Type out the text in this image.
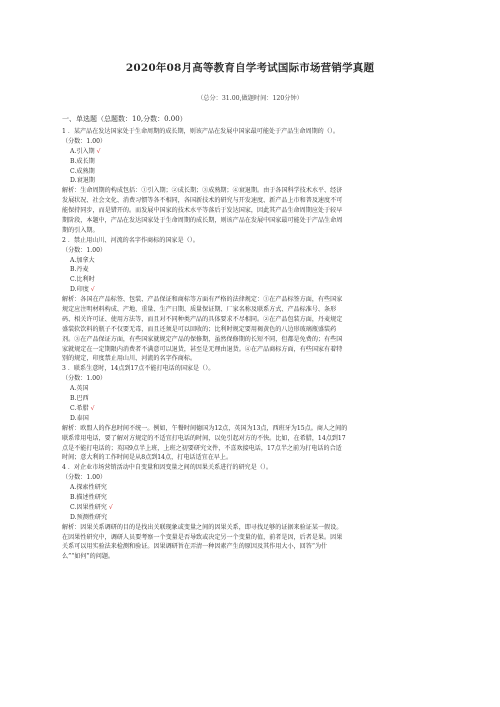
2020年08月高等教育自学考试国际市场营销学真题
（总分：31.00,做题时间：120分钟）
一、单选题（总题数：10,分数：0.00）
1 ．某产品在发达国家处于生命周期的成长期，则该产品在发展中国家最可能处于产品生命周期的（）。
（分数：1.00）
A.引入期 √
B.成长期
C.成熟期
D.衰退期
解析：生命周期的构成包括：①引入期；②成长期；③成熟期；④衰退期。由于各国科学技术水平、经济
发展状况、社会文化、消费习惯等各不相同，各国新技术的研究与开发速度、新产品上市和普及速度不可
能保持同步，而是错开的。而发展中国家的技术水平等落后于发达国家，因此其产品生命周期应处于较早
期阶段，本题中，产品在发达国家处于生命周期的成长期，则该产品在发展中国家最可能处于产品生命周
期的引入期。
2 ．禁止用山川、河流的名字作商标的国家是（）。
（分数：1.00）
A.加拿大
B.丹麦
C.比利时
D.印度 √
解析：各国在产品标签、包装、产品保证和商标等方面有严格的法律规定：①在产品标签方面，有些国家
规定应注明材料构成、产地、重量、生产日期、质量保证期、厂家名称及联系方式、产品标准号、条形
码、相关许可证、使用方法等，而且对不同种类产品的具体要求不尽相同。②在产品包装方面，丹麦规定
盛装软饮料的瓶子不仅要无毒，而且还须是可以回收的；比利时规定要用褐黄色的八边形玻璃瓶盛装药
剂。③在产品保证方面，有些国家就规定产品的保修期，虽然保修期的长短不同，但都是免费的；有些国
家就规定在一定期限内消费者不满意可以退货，甚至是无理由退货。④在产品商标方面，有些国家有着特
别的规定，印度禁止用山川、河流的名字作商标。
3 ．联系生意时，14点到17点不能打电话的国家是（）。
（分数：1.00）
A.英国
B.巴西
C.希腊 √
D.泰国
解析：欧盟人的作息时间不统一。例如，午餐时间德国为12点，英国为13点，西班牙为15点。商人之间的
联系常用电话，要了解对方规定的不适宜打电话的时间，以免引起对方的不快。比如，在希腊，14点到17
点是不能打电话的；英国9点半上班，上班之初要研究文件，不喜欢接电话，17点半之前为打电话的合适
时间；意大利的工作时间是从8点到14点，打电话适宜在早上。
4 ．对企业市场营销活动中自变量和因变量之间的因果关系进行的研究是（）。
（分数：1.00）
A.探索性研究
B.描述性研究
C.因果性研究 √
D.预测性研究
解析：因果关系调研的目的是找出关联现象或变量之间的因果关系，即寻找足够的证据来验证某一假设。
在因果性研究中，调研人员要考察一个变量是否导致或决定另一个变量的值，前者是因，后者是果。因果
关系可以用实验法来检测和验证。因果调研旨在弄清一种因素产生的原因及其作用大小，回答“为什
么”“如何”的问题。
